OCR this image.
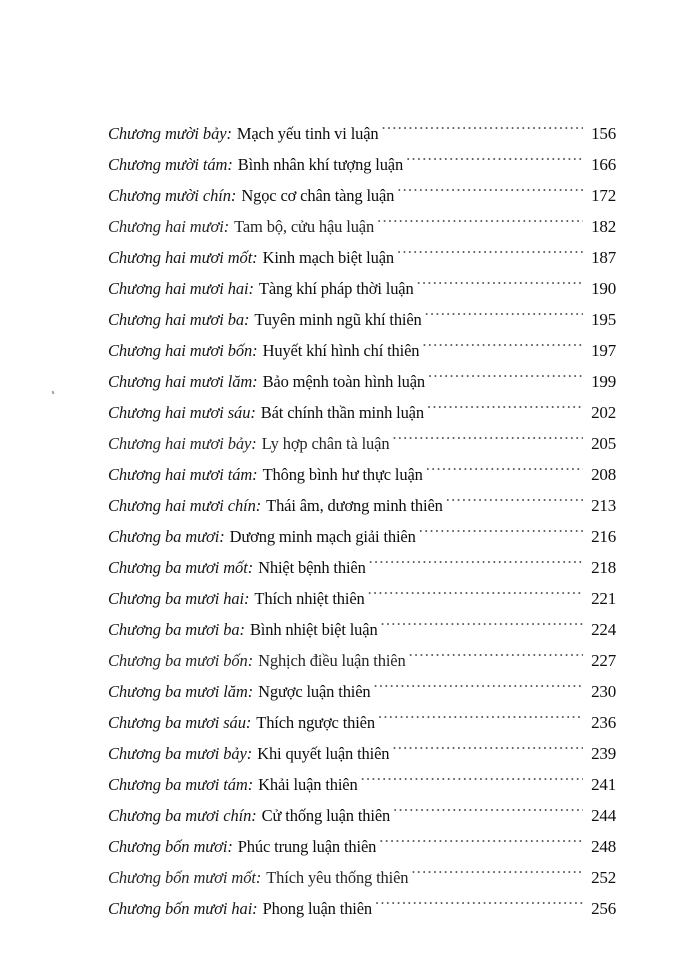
Chương mười bảy: Mạch yếu tinh vi luận .....	156
Chương mười tám: Bình nhân khí tượng luận .....	166
Chương mười chín: Ngọc cơ chân tàng luận .....	172
Chương hai mươi: Tam bộ, cửu hậu luận .....	182
Chương hai mươi mốt: Kinh mạch biệt luận .....	187
Chương hai mươi hai: Tàng khí pháp thời luận .....	190
Chương hai mươi ba: Tuyên minh ngũ khí thiên .....	195
Chương hai mươi bốn: Huyết khí hình chí thiên .....	197
Chương hai mươi lăm: Bảo mệnh toàn hình luận .....	199
Chương hai mươi sáu: Bát chính thần minh luận .....	202
Chương hai mươi bảy: Ly hợp chân tà luận .....	205
Chương hai mươi tám: Thông bình hư thực luận .....	208
Chương hai mươi chín: Thái âm, dương minh thiên .....	213
Chương ba mươi: Dương minh mạch giải thiên .....	216
Chương ba mươi mốt: Nhiệt bệnh thiên .....	218
Chương ba mươi hai: Thích nhiệt thiên .....	221
Chương ba mươi ba: Bình nhiệt biệt luận .....	224
Chương ba mươi bốn: Nghịch điều luận thiên .....	227
Chương ba mươi lăm: Ngược luận thiên .....	230
Chương ba mươi sáu: Thích ngược thiên .....	236
Chương ba mươi bảy: Khi quyết luận thiên .....	239
Chương ba mươi tám: Khải luận thiên .....	241
Chương ba mươi chín: Cử thống luận thiên .....	244
Chương bốn mươi: Phúc trung luận thiên .....	248
Chương bốn mươi mốt: Thích yêu thống thiên .....	252
Chương bốn mươi hai: Phong luận thiên .....	256
